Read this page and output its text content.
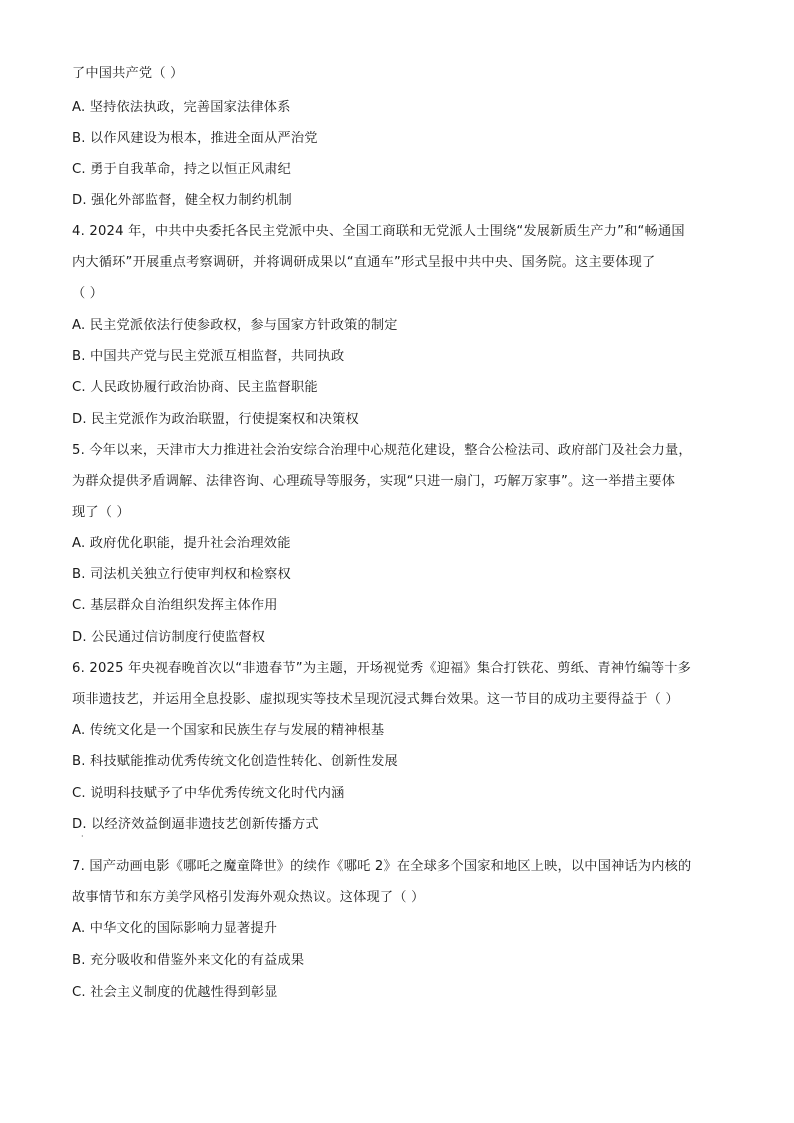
了中国共产党（ ）
A. 坚持依法执政，完善国家法律体系
B. 以作风建设为根本，推进全面从严治党
C. 勇于自我革命，持之以恒正风肃纪
D. 强化外部监督，健全权力制约机制
4. 2024 年，中共中央委托各民主党派中央、全国工商联和无党派人士围绕“发展新质生产力”和“畅通国
内大循环”开展重点考察调研，并将调研成果以“直通车”形式呈报中共中央、国务院。这主要体现了
（ ）
A. 民主党派依法行使参政权，参与国家方针政策的制定
B. 中国共产党与民主党派互相监督，共同执政
C. 人民政协履行政治协商、民主监督职能
D. 民主党派作为政治联盟，行使提案权和决策权
5. 今年以来，天津市大力推进社会治安综合治理中心规范化建设，整合公检法司、政府部门及社会力量，
为群众提供矛盾调解、法律咨询、心理疏导等服务，实现“只进一扇门，巧解万家事”。这一举措主要体
现了（ ）
A. 政府优化职能，提升社会治理效能
B. 司法机关独立行使审判权和检察权
C. 基层群众自治组织发挥主体作用
D. 公民通过信访制度行使监督权
6. 2025 年央视春晚首次以“非遗春节”为主题，开场视觉秀《迎福》集合打铁花、剪纸、青神竹编等十多
项非遗技艺，并运用全息投影、虚拟现实等技术呈现沉浸式舞台效果。这一节目的成功主要得益于（ ）
A. 传统文化是一个国家和民族生存与发展的精神根基
B. 科技赋能推动优秀传统文化创造性转化、创新性发展
C. 说明科技赋予了中华优秀传统文化时代内涵
D. 以经济效益倒逼非遗技艺创新传播方式
·
7. 国产动画电影《哪吒之魔童降世》的续作《哪吒 2》在全球多个国家和地区上映，以中国神话为内核的
故事情节和东方美学风格引发海外观众热议。这体现了（ ）
A. 中华文化的国际影响力显著提升
B. 充分吸收和借鉴外来文化的有益成果
C. 社会主义制度的优越性得到彰显
